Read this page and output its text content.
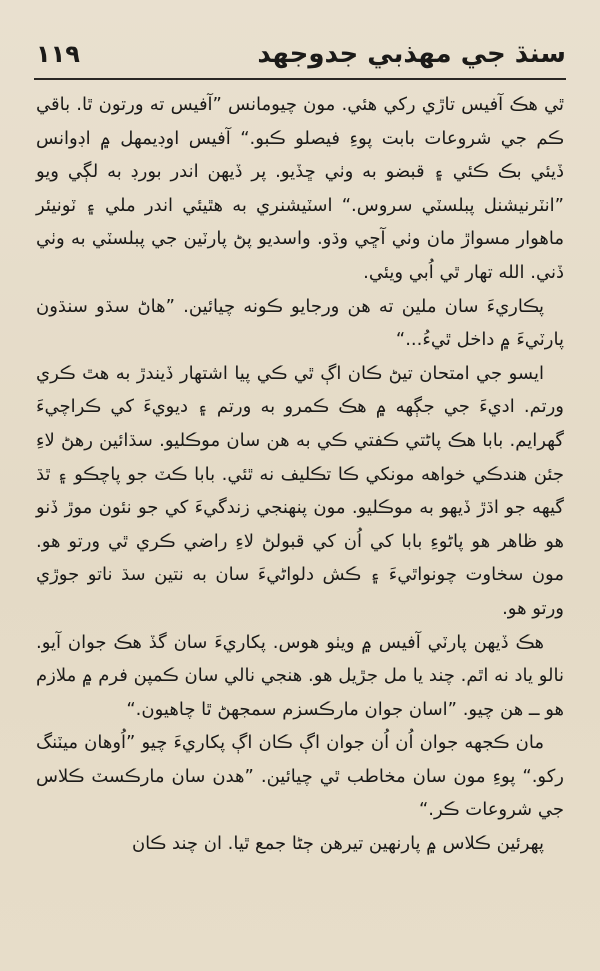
١١٩	سنڌ جي مهذبي جدوجهد

ٿي هڪ آفيس تاڙي رکي هئي. مون چيومانس ”آفيس ته ورتون ٿا. باقي ڪم جي شروعات بابت پوءِ فيصلو ڪبو.“ آفيس اوڊيمهل ۾ اڊوانس ڏيئي بڪ ڪئي ۽ قبضو به وٺي ڇڏيو. پر ڏيهن اندر بورڊ به لڳي ويو ”انٽرنيشنل پبلسٽي سروس.“ اسٽيشنري به هٿيئي اندر ملي ۽ ٽونيئر ماهوار مسواڙ مان وٺي آڇي وڌو. واسديو پڻ پارٽين جي پبلسٽي به وٺي ڏني. الله تهار ٿي اُبي ويئي.

پڪاريءَ سان ملين ته هن ورجايو ڪونه چيائين. ”هاڻ سڌو سنڌون پارٽيءَ ۾ داخل ٿيءُ...“

ايسو جي امتحان تيڻ ڪان اڳ ٿي ڪي پيا اشتهار ڏيندڙ به هٿ ڪري ورتم. اديءَ جي جڳهه ۾ هڪ ڪمرو به ورتم ۽ ديويءَ کي ڪراچيءَ گهرايم. بابا هڪ پاڻتي ڪفتي ڪي به هن سان موڪليو. سڌائين رهڻ لاءِ جئن هندڪي خواهه مونکي ڪا تڪليف نه ٿئي. بابا ڪٽ جو پاچڪو ۽ ٿڌ گيهه جو اڌڙ ڏيهو به موڪليو. مون پنهنجي زندگيءَ کي جو نئون موڙ ڏنو هو ظاهر هو پاڻوءِ بابا کي اُن کي قبولڻ لاءِ راضي ڪري ٿي ورتو هو. مون سخاوت چونواٿيءَ ۽ ڪش دلواڻيءَ سان به نتين سڌ ناتو جوڙي ورتو هو.

هڪ ڏيهن پارٽي آفيس ۾ ويٺو هوس. پکاريءَ سان گڏ هڪ جوان آيو. نالو ياد نه اٿم. چند يا مل جڙيل هو. هنجي نالي سان ڪمپن فرم ۾ ملازم هو ــ هن چيو. ”اسان جوان مارڪسزم سمجهڻ ٿا چاهيون.“

مان ڪجهه جوان اُن اُن جوان اڳ ڪان اڳ پکاريءَ چيو ”اُوهان ميٽنگ رکو.“ پوءِ مون سان مخاطب ٿي چيائين. ”هدن سان مارڪسٽ ڪلاس جي شروعات ڪر.“

پهرئين ڪلاس ۾ پارنهين تيرهن ڄڻا جمع ٿيا. ان چند ڪان
